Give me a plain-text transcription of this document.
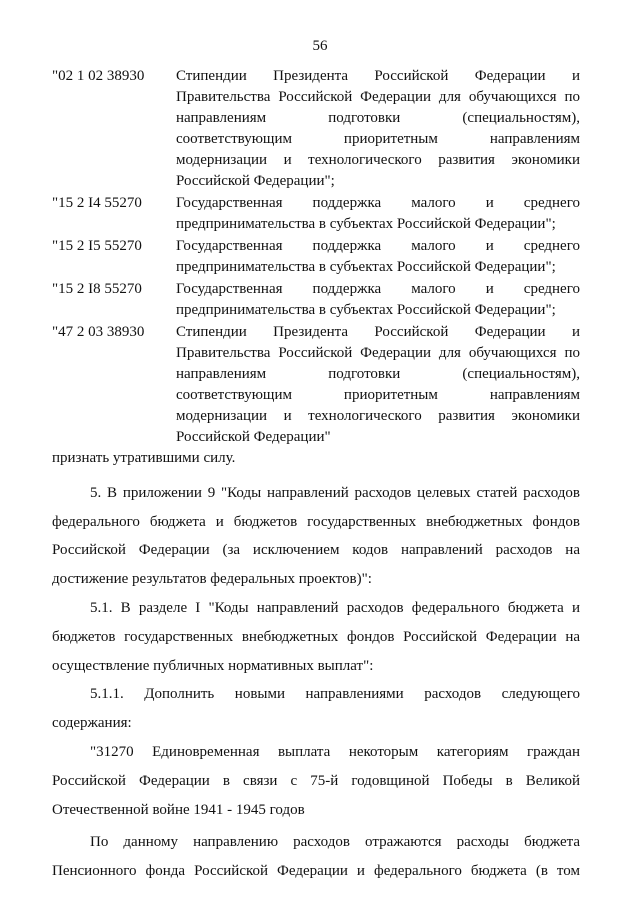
56
"02 1 02 38930	Стипендии Президента Российской Федерации и
Правительства Российской Федерации для обучающихся по
направлениям подготовки (специальностям),
соответствующим приоритетным направлениям
модернизации и технологического развития экономики
Российской Федерации";
"15 2 I4 55270	Государственная поддержка малого и среднего
предпринимательства в субъектах Российской Федерации";
"15 2 I5 55270	Государственная поддержка малого и среднего
предпринимательства в субъектах Российской Федерации";
"15 2 I8 55270	Государственная поддержка малого и среднего
предпринимательства в субъектах Российской Федерации";
"47 2 03 38930	Стипендии Президента Российской Федерации и
Правительства Российской Федерации для обучающихся по
направлениям подготовки (специальностям),
соответствующим приоритетным направлениям
модернизации и технологического развития экономики
Российской Федерации"
признать утратившими силу.
5. В приложении 9 "Коды направлений расходов целевых статей расходов
федерального бюджета и бюджетов государственных внебюджетных фондов
Российской Федерации (за исключением кодов направлений расходов на
достижение результатов федеральных проектов)":
5.1. В разделе I "Коды направлений расходов федерального бюджета и
бюджетов государственных внебюджетных фондов Российской Федерации на
осуществление публичных нормативных выплат":
5.1.1. Дополнить новыми направлениями расходов следующего
содержания:
"31270 Единовременная выплата некоторым категориям граждан
Российской Федерации в связи с 75-й годовщиной Победы в Великой
Отечественной войне 1941 - 1945 годов
По данному направлению расходов отражаются расходы бюджета
Пенсионного фонда Российской Федерации и федерального бюджета (в том
